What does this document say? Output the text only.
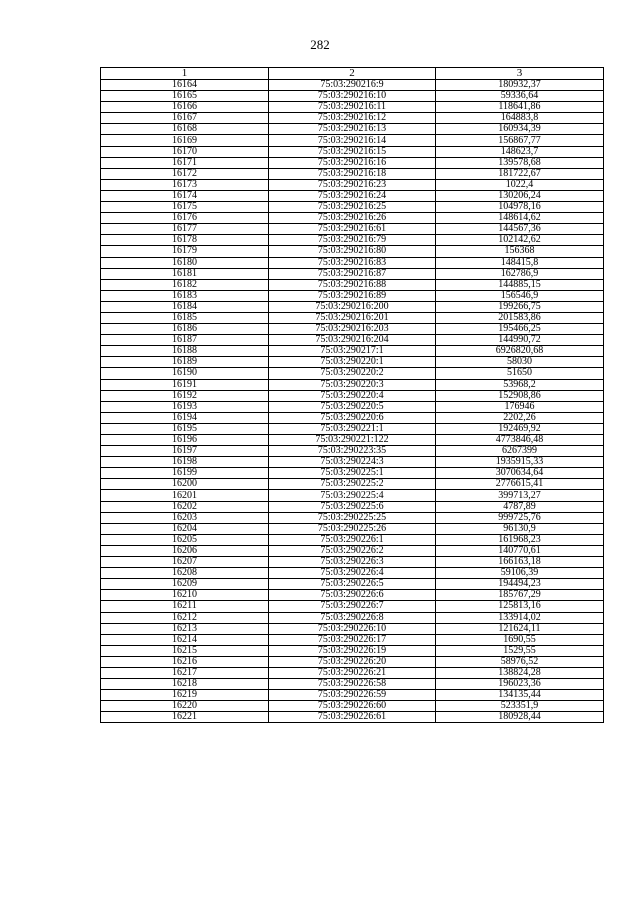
282
1	2	3
16164	75:03:290216:9	180932,37
16165	75:03:290216:10	59336,64
16166	75:03:290216:11	118641,86
16167	75:03:290216:12	164883,8
16168	75:03:290216:13	160934,39
16169	75:03:290216:14	156867,77
16170	75:03:290216:15	148623,7
16171	75:03:290216:16	139578,68
16172	75:03:290216:18	181722,67
16173	75:03:290216:23	1022,4
16174	75:03:290216:24	130206,24
16175	75:03:290216:25	104978,16
16176	75:03:290216:26	148614,62
16177	75:03:290216:61	144567,36
16178	75:03:290216:79	102142,62
16179	75:03:290216:80	156368
16180	75:03:290216:83	148415,8
16181	75:03:290216:87	162786,9
16182	75:03:290216:88	144885,15
16183	75:03:290216:89	156546,9
16184	75:03:290216:200	199266,75
16185	75:03:290216:201	201583,86
16186	75:03:290216:203	195466,25
16187	75:03:290216:204	144990,72
16188	75:03:290217:1	6926820,68
16189	75:03:290220:1	58030
16190	75:03:290220:2	51650
16191	75:03:290220:3	53968,2
16192	75:03:290220:4	152908,86
16193	75:03:290220:5	176946
16194	75:03:290220:6	2202,26
16195	75:03:290221:1	192469,92
16196	75:03:290221:122	4773846,48
16197	75:03:290223:35	6267399
16198	75:03:290224:3	1935915,33
16199	75:03:290225:1	3070634,64
16200	75:03:290225:2	2776615,41
16201	75:03:290225:4	399713,27
16202	75:03:290225:6	4787,89
16203	75:03:290225:25	999725,76
16204	75:03:290225:26	96130,9
16205	75:03:290226:1	161968,23
16206	75:03:290226:2	140770,61
16207	75:03:290226:3	166163,18
16208	75:03:290226:4	59106,39
16209	75:03:290226:5	194494,23
16210	75:03:290226:6	185767,29
16211	75:03:290226:7	125813,16
16212	75:03:290226:8	133914,02
16213	75:03:290226:10	121624,11
16214	75:03:290226:17	1690,55
16215	75:03:290226:19	1529,55
16216	75:03:290226:20	58976,52
16217	75:03:290226:21	138824,28
16218	75:03:290226:58	196023,36
16219	75:03:290226:59	134135,44
16220	75:03:290226:60	523351,9
16221	75:03:290226:61	180928,44
